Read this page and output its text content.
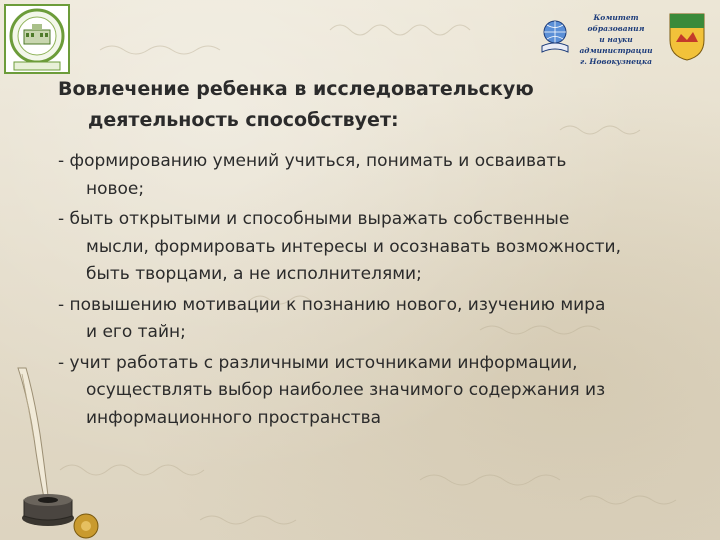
Комитет образования
и науки
администрации
г. Новокузнецка
Вовлечение ребенка в исследовательскую
деятельность способствует:
- формированию умений учиться, понимать и осваивать
новое;
- быть открытыми и способными выражать собственные
мысли, формировать интересы и осознавать возможности,
быть творцами, а не исполнителями;
- повышению мотивации к познанию нового, изучению мира
и его тайн;
- учит работать с различными источниками информации,
осуществлять выбор наиболее значимого содержания из
информационного пространства
